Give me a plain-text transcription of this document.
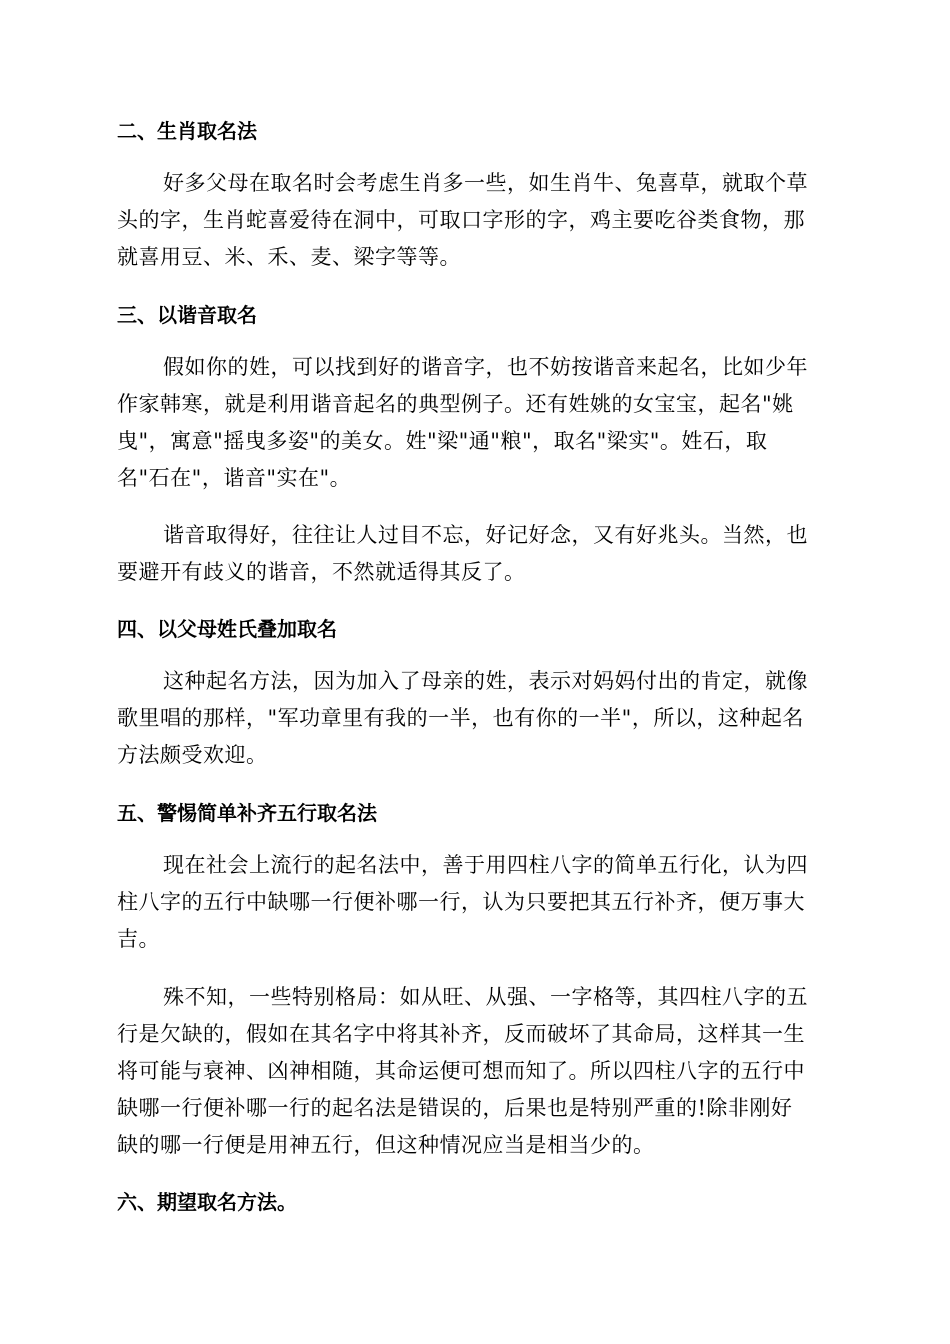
二、生肖取名法
好多父母在取名时会考虑生肖多一些，如生肖牛、兔喜草，就取个草
头的字，生肖蛇喜爱待在洞中，可取口字形的字，鸡主要吃谷类食物，那
就喜用豆、米、禾、麦、梁字等等。
三、以谐音取名
假如你的姓，可以找到好的谐音字，也不妨按谐音来起名，比如少年
作家韩寒，就是利用谐音起名的典型例子。还有姓姚的女宝宝，起名"姚
曳"，寓意"摇曳多姿"的美女。姓"梁"通"粮"，取名"梁实"。姓石，取
名"石在"，谐音"实在"。
谐音取得好，往往让人过目不忘，好记好念，又有好兆头。当然，也
要避开有歧义的谐音，不然就适得其反了。
四、以父母姓氏叠加取名
这种起名方法，因为加入了母亲的姓，表示对妈妈付出的肯定，就像
歌里唱的那样，"军功章里有我的一半，也有你的一半"，所以，这种起名
方法颇受欢迎。
五、警惕简单补齐五行取名法
现在社会上流行的起名法中，善于用四柱八字的简单五行化，认为四
柱八字的五行中缺哪一行便补哪一行，认为只要把其五行补齐，便万事大
吉。
殊不知，一些特别格局：如从旺、从强、一字格等，其四柱八字的五
行是欠缺的，假如在其名字中将其补齐，反而破坏了其命局，这样其一生
将可能与衰神、凶神相随，其命运便可想而知了。所以四柱八字的五行中
缺哪一行便补哪一行的起名法是错误的，后果也是特别严重的!除非刚好
缺的哪一行便是用神五行，但这种情况应当是相当少的。
六、期望取名方法。
